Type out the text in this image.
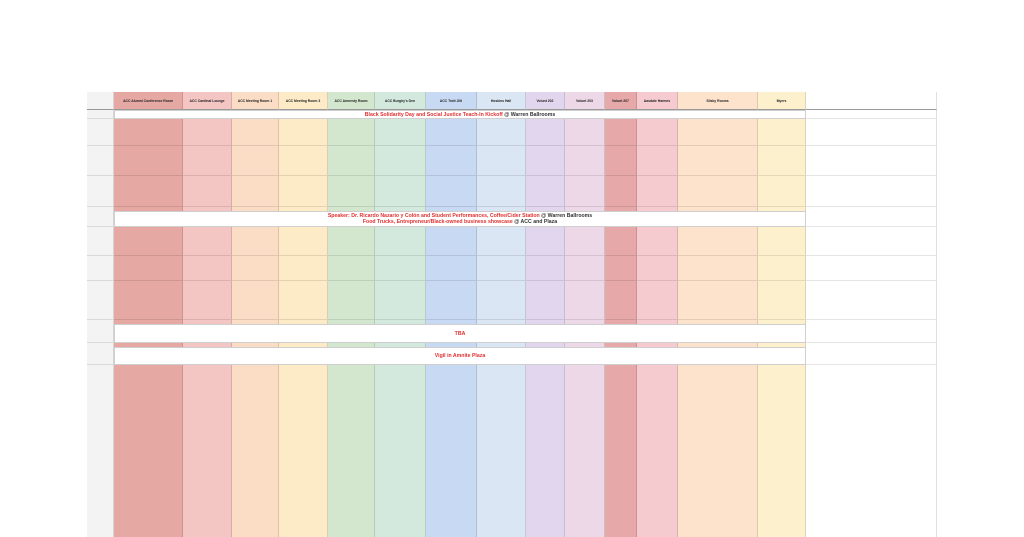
ACC Alumni Conference Room	ACC Cardinal Lounge	ACC Meeting Room 1	ACC Meeting Room 3	ACC Amnesty Room	ACC Burghy's Den	ACC Trott Jilli	Hoskins Hall	Volunt 202	Volunt 203	Volunt 207	Aasdale Harmes	Slisky Rooms	Myers
Black Solidarity Day and Social Justice Teach-In Kickoff @ Warren Ballrooms
Speaker: Dr. Ricardo Nazario y Colón and Student Performances, Coffee/Cider Station @ Warren Ballrooms
Food Trucks, Entrepreneur/Black-owned business showcase @ ACC and Plaza
TBA
Vigil in Amnite Plaza
